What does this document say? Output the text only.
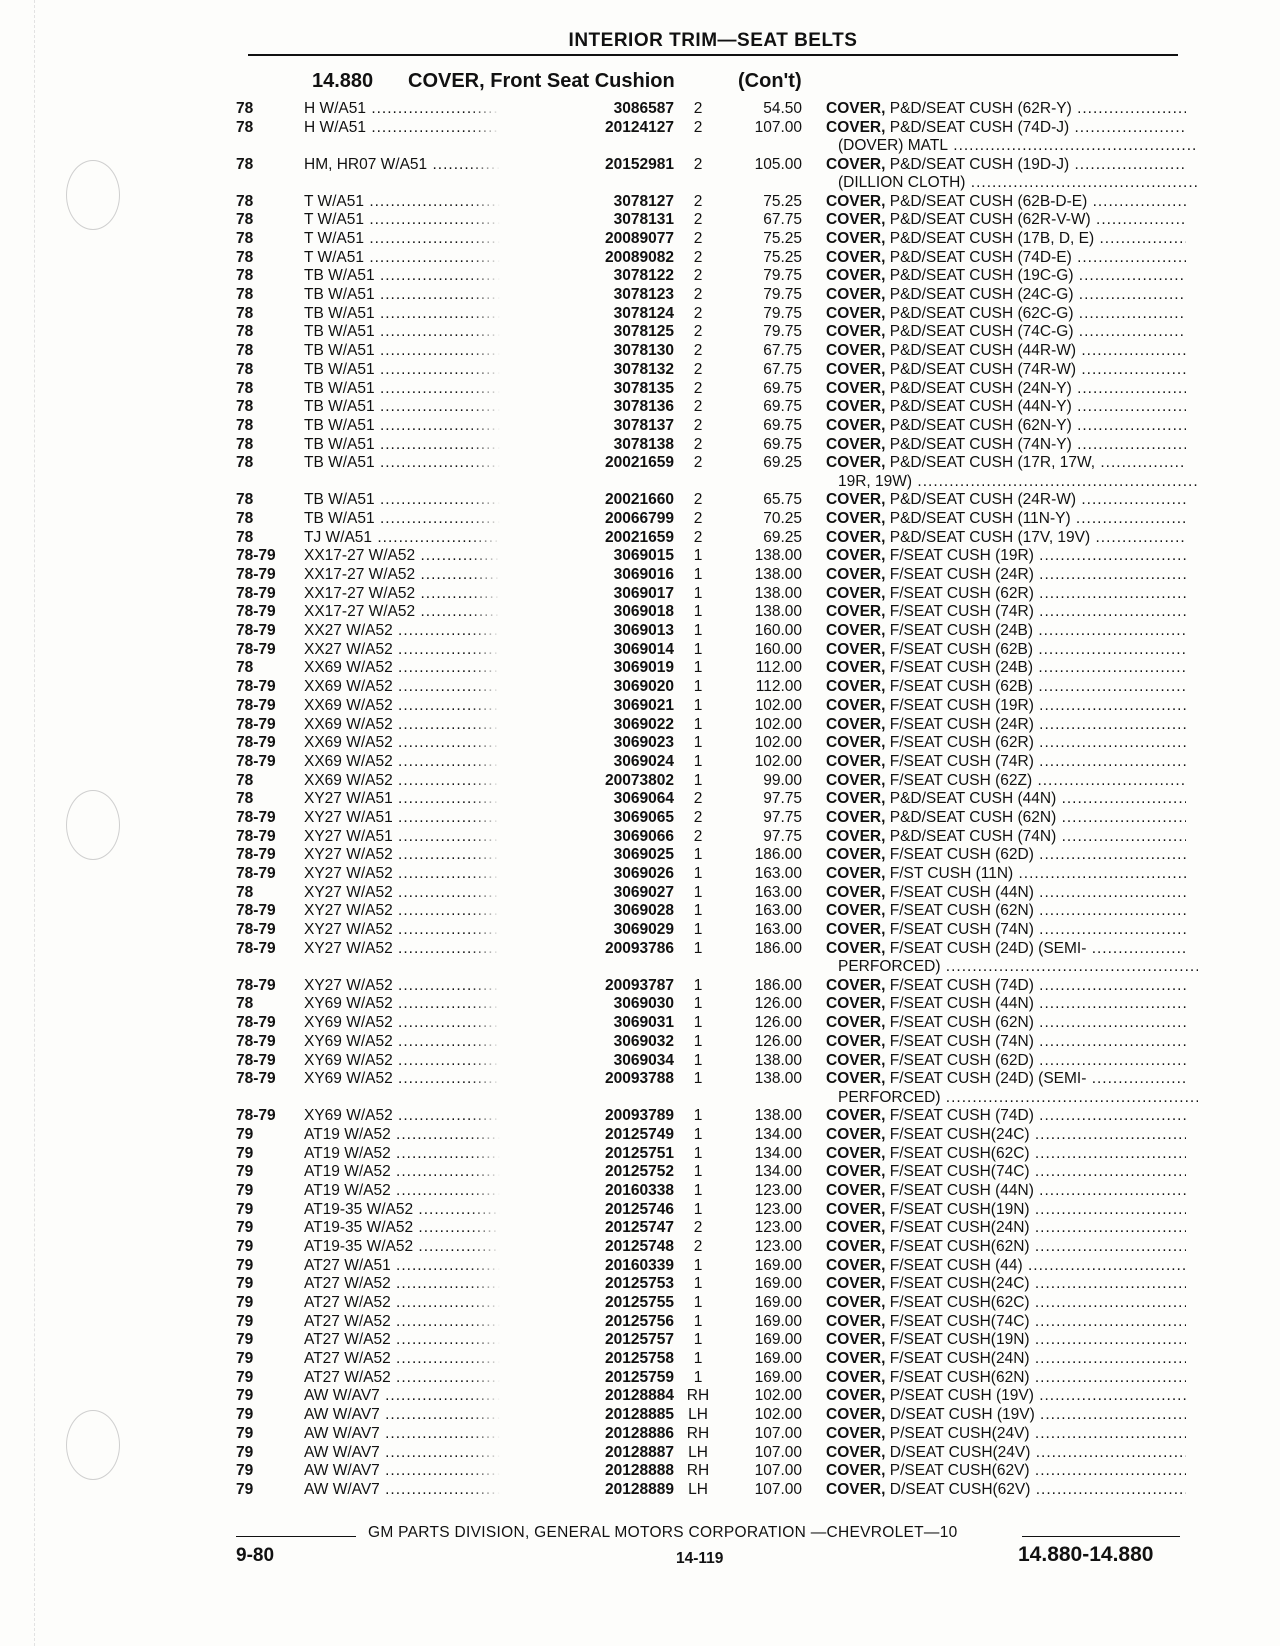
INTERIOR TRIM—SEAT BELTS
14.880 COVER, Front Seat Cushion	(Con't)
78	H W/A51 .....	3086587	2	54.50 COVER, P&D/SEAT CUSH (62R-Y) .....
78	H W/A51 .....	20124127	2	107.00 COVER, P&D/SEAT CUSH (74D-J) .....
(DOVER) MATL .....
78	HM, HR07 W/A51 .....	20152981	2	105.00 COVER, P&D/SEAT CUSH (19D-J) .....
(DILLION CLOTH) .....
78	T W/A51 .....	3078127	2	75.25 COVER, P&D/SEAT CUSH (62B-D-E) .....
78	T W/A51 .....	3078131	2	67.75 COVER, P&D/SEAT CUSH (62R-V-W) .....
78	T W/A51 .....	20089077	2	75.25 COVER, P&D/SEAT CUSH (17B, D, E) .....
78	T W/A51 .....	20089082	2	75.25 COVER, P&D/SEAT CUSH (74D-E) .....
78	TB W/A51 .....	3078122	2	79.75 COVER, P&D/SEAT CUSH (19C-G) .....
78	TB W/A51 .....	3078123	2	79.75 COVER, P&D/SEAT CUSH (24C-G) .....
78	TB W/A51 .....	3078124	2	79.75 COVER, P&D/SEAT CUSH (62C-G) .....
78	TB W/A51 .....	3078125	2	79.75 COVER, P&D/SEAT CUSH (74C-G) .....
78	TB W/A51 .....	3078130	2	67.75 COVER, P&D/SEAT CUSH (44R-W) .....
78	TB W/A51 .....	3078132	2	67.75 COVER, P&D/SEAT CUSH (74R-W) .....
78	TB W/A51 .....	3078135	2	69.75 COVER, P&D/SEAT CUSH (24N-Y) .....
78	TB W/A51 .....	3078136	2	69.75 COVER, P&D/SEAT CUSH (44N-Y) .....
78	TB W/A51 .....	3078137	2	69.75 COVER, P&D/SEAT CUSH (62N-Y) .....
78	TB W/A51 .....	3078138	2	69.75 COVER, P&D/SEAT CUSH (74N-Y) .....
78	TB W/A51 .....	20021659	2	69.25 COVER, P&D/SEAT CUSH (17R, 17W, .....
19R, 19W) .....
78	TB W/A51 .....	20021660	2	65.75 COVER, P&D/SEAT CUSH (24R-W) .....
78	TB W/A51 .....	20066799	2	70.25 COVER, P&D/SEAT CUSH (11N-Y) .....
78	TJ W/A51 .....	20021659	2	69.25 COVER, P&D/SEAT CUSH (17V, 19V) .....
78-79	XX17-27 W/A52 .....	3069015	1	138.00 COVER, F/SEAT CUSH (19R) .....
78-79	XX17-27 W/A52 .....	3069016	1	138.00 COVER, F/SEAT CUSH (24R) .....
78-79	XX17-27 W/A52 .....	3069017	1	138.00 COVER, F/SEAT CUSH (62R) .....
78-79	XX17-27 W/A52 .....	3069018	1	138.00 COVER, F/SEAT CUSH (74R) .....
78-79	XX27 W/A52 .....	3069013	1	160.00 COVER, F/SEAT CUSH (24B) .....
78-79	XX27 W/A52 .....	3069014	1	160.00 COVER, F/SEAT CUSH (62B) .....
78	XX69 W/A52 .....	3069019	1	112.00 COVER, F/SEAT CUSH (24B) .....
78-79	XX69 W/A52 .....	3069020	1	112.00 COVER, F/SEAT CUSH (62B) .....
78-79	XX69 W/A52 .....	3069021	1	102.00 COVER, F/SEAT CUSH (19R) .....
78-79	XX69 W/A52 .....	3069022	1	102.00 COVER, F/SEAT CUSH (24R) .....
78-79	XX69 W/A52 .....	3069023	1	102.00 COVER, F/SEAT CUSH (62R) .....
78-79	XX69 W/A52 .....	3069024	1	102.00 COVER, F/SEAT CUSH (74R) .....
78	XX69 W/A52 .....	20073802	1	99.00 COVER, F/SEAT CUSH (62Z) .....
78	XY27 W/A51 .....	3069064	2	97.75 COVER, P&D/SEAT CUSH (44N) .....
78-79	XY27 W/A51 .....	3069065	2	97.75 COVER, P&D/SEAT CUSH (62N) .....
78-79	XY27 W/A51 .....	3069066	2	97.75 COVER, P&D/SEAT CUSH (74N) .....
78-79	XY27 W/A52 .....	3069025	1	186.00 COVER, F/SEAT CUSH (62D) .....
78-79	XY27 W/A52 .....	3069026	1	163.00 COVER, F/ST CUSH (11N) .....
78	XY27 W/A52 .....	3069027	1	163.00 COVER, F/SEAT CUSH (44N) .....
78-79	XY27 W/A52 .....	3069028	1	163.00 COVER, F/SEAT CUSH (62N) .....
78-79	XY27 W/A52 .....	3069029	1	163.00 COVER, F/SEAT CUSH (74N) .....
78-79	XY27 W/A52 .....	20093786	1	186.00 COVER, F/SEAT CUSH (24D) (SEMI- .....
PERFORCED) .....
78-79	XY27 W/A52 .....	20093787	1	186.00 COVER, F/SEAT CUSH (74D) .....
78	XY69 W/A52 .....	3069030	1	126.00 COVER, F/SEAT CUSH (44N) .....
78-79	XY69 W/A52 .....	3069031	1	126.00 COVER, F/SEAT CUSH (62N) .....
78-79	XY69 W/A52 .....	3069032	1	126.00 COVER, F/SEAT CUSH (74N) .....
78-79	XY69 W/A52 .....	3069034	1	138.00 COVER, F/SEAT CUSH (62D) .....
78-79	XY69 W/A52 .....	20093788	1	138.00 COVER, F/SEAT CUSH (24D) (SEMI- .....
PERFORCED) .....
78-79	XY69 W/A52 .....	20093789	1	138.00 COVER, F/SEAT CUSH (74D) .....
79	AT19 W/A52 .....	20125749	1	134.00 COVER, F/SEAT CUSH(24C) .....
79	AT19 W/A52 .....	20125751	1	134.00 COVER, F/SEAT CUSH(62C) .....
79	AT19 W/A52 .....	20125752	1	134.00 COVER, F/SEAT CUSH(74C) .....
79	AT19 W/A52 .....	20160338	1	123.00 COVER, F/SEAT CUSH (44N) .....
79	AT19-35 W/A52 .....	20125746	1	123.00 COVER, F/SEAT CUSH(19N) .....
79	AT19-35 W/A52 .....	20125747	2	123.00 COVER, F/SEAT CUSH(24N) .....
79	AT19-35 W/A52 .....	20125748	2	123.00 COVER, F/SEAT CUSH(62N) .....
79	AT27 W/A51 .....	20160339	1	169.00 COVER, F/SEAT CUSH (44) .....
79	AT27 W/A52 .....	20125753	1	169.00 COVER, F/SEAT CUSH(24C) .....
79	AT27 W/A52 .....	20125755	1	169.00 COVER, F/SEAT CUSH(62C) .....
79	AT27 W/A52 .....	20125756	1	169.00 COVER, F/SEAT CUSH(74C) .....
79	AT27 W/A52 .....	20125757	1	169.00 COVER, F/SEAT CUSH(19N) .....
79	AT27 W/A52 .....	20125758	1	169.00 COVER, F/SEAT CUSH(24N) .....
79	AT27 W/A52 .....	20125759	1	169.00 COVER, F/SEAT CUSH(62N) .....
79	AW W/AV7 .....	20128884 RH	102.00 COVER, P/SEAT CUSH (19V) .....
79	AW W/AV7 .....	20128885 LH	102.00 COVER, D/SEAT CUSH (19V) .....
79	AW W/AV7 .....	20128886 RH	107.00 COVER, P/SEAT CUSH(24V) .....
79	AW W/AV7 .....	20128887 LH	107.00 COVER, D/SEAT CUSH(24V) .....
79	AW W/AV7 .....	20128888 RH	107.00 COVER, P/SEAT CUSH(62V) .....
79	AW W/AV7 .....	20128889 LH	107.00 COVER, D/SEAT CUSH(62V) .....
GM PARTS DIVISION, GENERAL MOTORS CORPORATION —CHEVROLET—10
9-80	14-119	14.880-14.880
